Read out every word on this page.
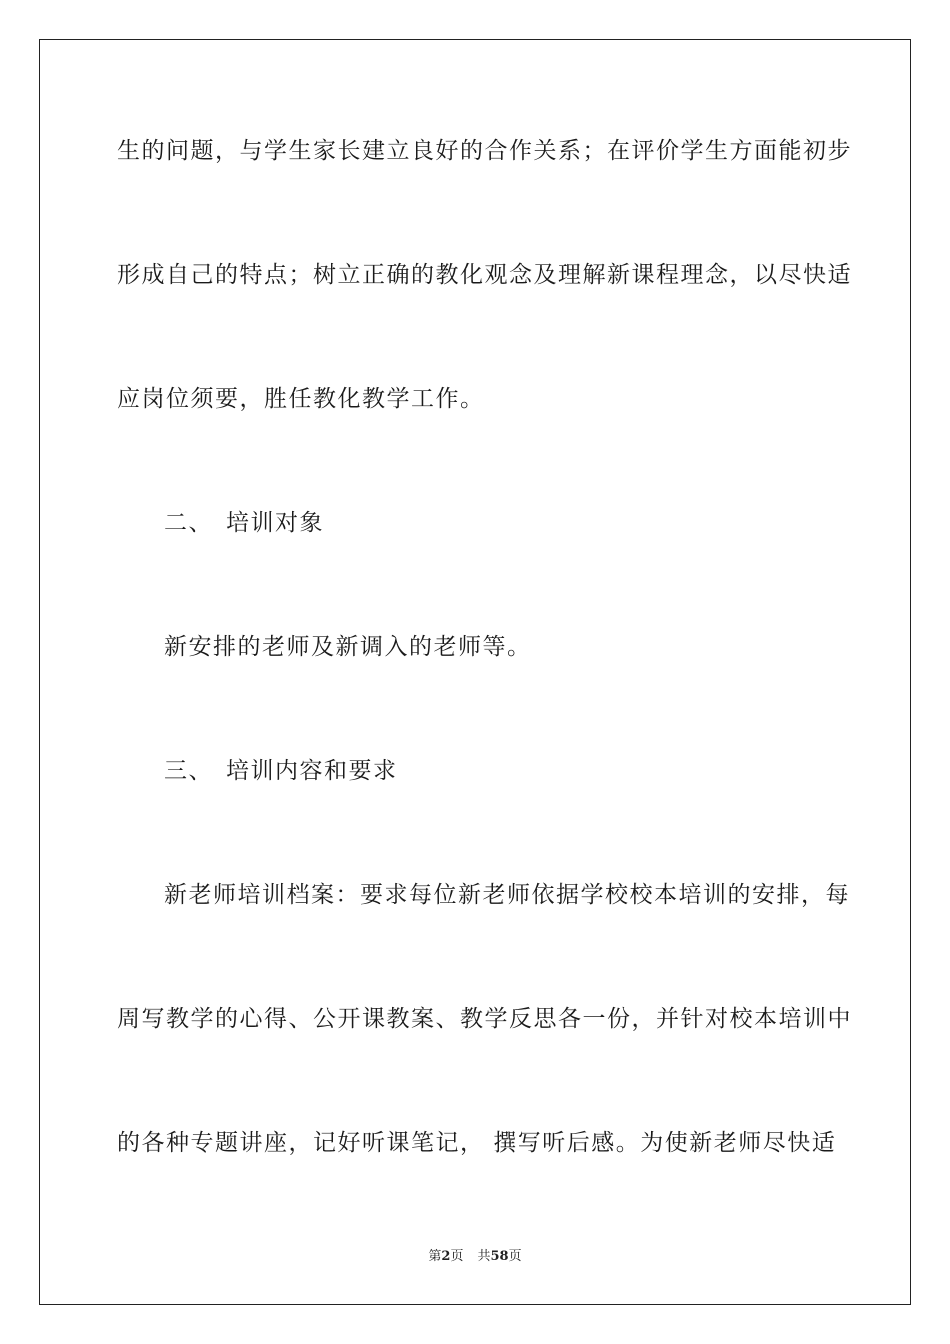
生的问题，与学生家长建立良好的合作关系；在评价学生方面能初步
形成自己的特点；树立正确的教化观念及理解新课程理念，以尽快适
应岗位须要，胜任教化教学工作。
二、 培训对象
新安排的老师及新调入的老师等。
三、 培训内容和要求
新老师培训档案：要求每位新老师依据学校校本培训的安排，每
周写教学的心得、公开课教案、教学反思各一份，并针对校本培训中
的各种专题讲座，记好听课笔记， 撰写听后感。为使新老师尽快适
第2页 共58页
